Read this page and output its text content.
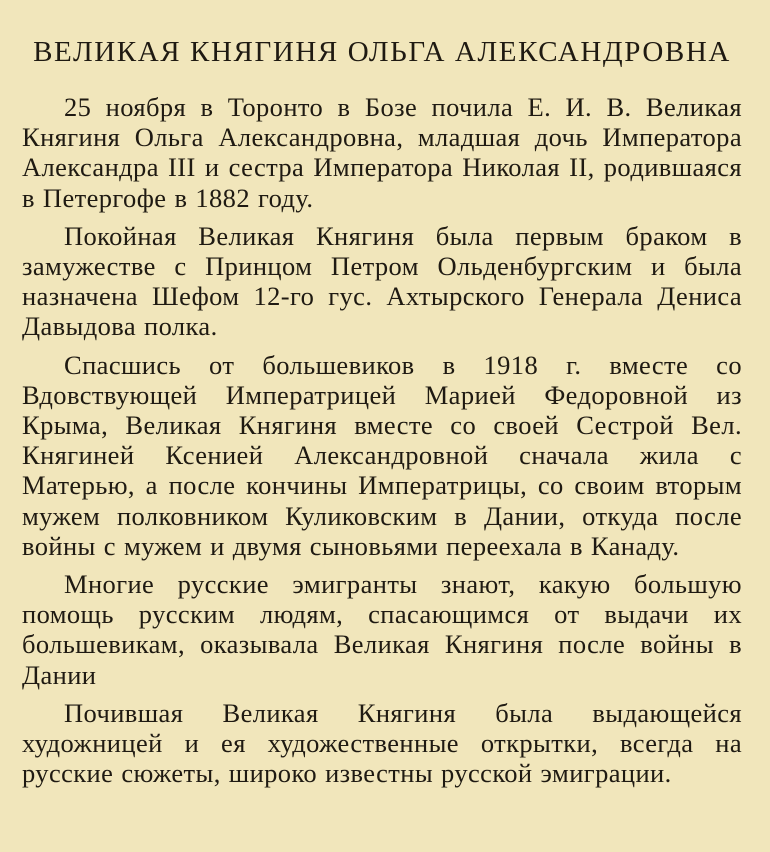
ВЕЛИКАЯ КНЯГИНЯ ОЛЬГА АЛЕКСАНДРОВНА

25 ноября в Торонто в Бозе почила Е. И. В. Великая Княгиня Ольга Александровна, младшая дочь Императора Александра III и сестра Императора Николая II, родившаяся в Петергофе в 1882 году.

Покойная Великая Княгиня была первым браком в замужестве с Принцом Петром Ольденбургским и была назначена Шефом 12-го гус. Ахтырского Генерала Дениса Давыдова полка.

Спасшись от большевиков в 1918 г. вместе со Вдовствующей Императрицей Марией Федоровной из Крыма, Великая Княгиня вместе со своей Сестрой Вел. Княгиней Ксенией Александровной сначала жила с Матерью, а после кончины Императрицы, со своим вторым мужем полковником Куликовским в Дании, откуда после войны с мужем и двумя сыновьями переехала в Канаду.

Многие русские эмигранты знают, какую большую помощь русским людям, спасающимся от выдачи их большевикам, оказывала Великая Княгиня после войны в Дании

Почившая Великая Княгиня была выдающейся художницей и ея художественные открытки, всегда на русские сюжеты, широко известны русской эмиграции.
